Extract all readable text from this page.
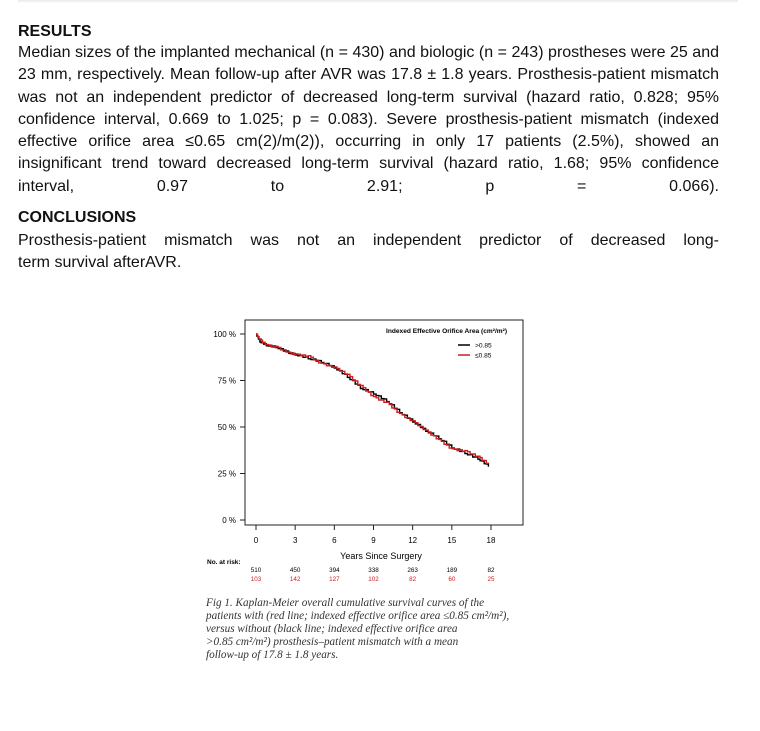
RESULTS
Median sizes of the implanted mechanical (n = 430) and biologic (n = 243) prostheses were 25 and 23 mm, respectively. Mean follow-up after AVR was 17.8 ± 1.8 years. Prosthesis-patient mismatch was not an independent predictor of decreased long-term survival (hazard ratio, 0.828; 95% confidence interval, 0.669 to 1.025; p = 0.083). Severe prosthesis-patient mismatch (indexed effective orifice area ≤0.65 cm(2)/m(2)), occurring in only 17 patients (2.5%), showed an insignificant trend toward decreased long-term survival (hazard ratio, 1.68; 95% confidence interval, 0.97 to 2.91; p = 0.066).
CONCLUSIONS
Prosthesis-patient mismatch was not an independent predictor of decreased long-
term survival afterAVR.
100 %
75 %
50 %
25 %
0 %
0
510
103
3
450
142
6
394
127
9
338
102
12
263
82
15
189
60
18
82
25
No. at risk:
Indexed Effective Orifice Area (cm²/m²)
>0.85
≤0.85
Years Since Surgery
Fig 1. Kaplan-Meier overall cumulative survival curves of the
patients with (red line; indexed effective orifice area ≤0.85 cm²/m²),
versus without (black line; indexed effective orifice area
>0.85 cm²/m²) prosthesis–patient mismatch with a mean
follow-up of 17.8 ± 1.8 years.
